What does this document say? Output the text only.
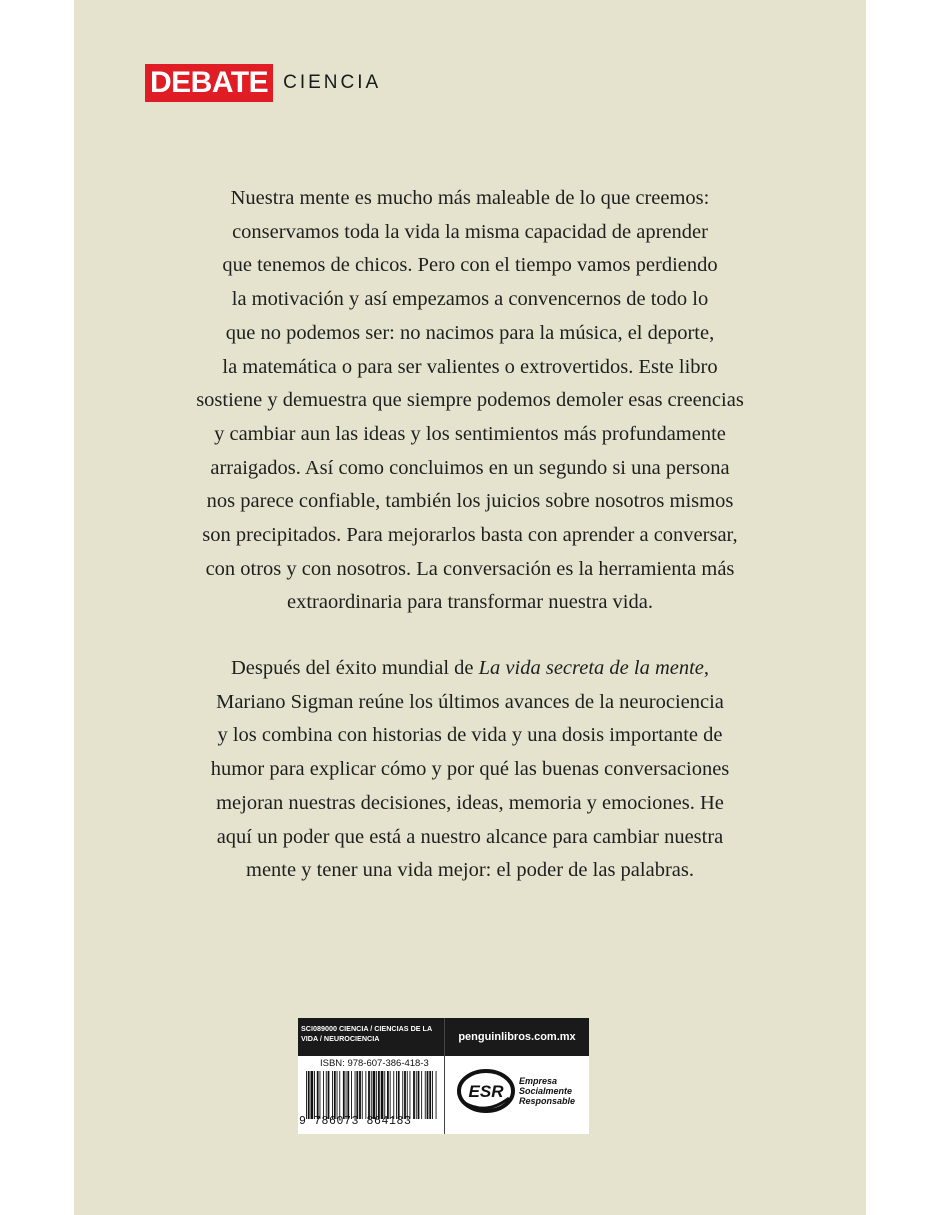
DEBATE CIENCIA
Nuestra mente es mucho más maleable de lo que creemos:
conservamos toda la vida la misma capacidad de aprender
que tenemos de chicos. Pero con el tiempo vamos perdiendo
la motivación y así empezamos a convencernos de todo lo
que no podemos ser: no nacimos para la música, el deporte,
la matemática o para ser valientes o extrovertidos. Este libro
sostiene y demuestra que siempre podemos demoler esas creencias
y cambiar aun las ideas y los sentimientos más profundamente
arraigados. Así como concluimos en un segundo si una persona
nos parece confiable, también los juicios sobre nosotros mismos
son precipitados. Para mejorarlos basta con aprender a conversar,
con otros y con nosotros. La conversación es la herramienta más
extraordinaria para transformar nuestra vida.
Después del éxito mundial de La vida secreta de la mente,
Mariano Sigman reúne los últimos avances de la neurociencia
y los combina con historias de vida y una dosis importante de
humor para explicar cómo y por qué las buenas conversaciones
mejoran nuestras decisiones, ideas, memoria y emociones. He
aquí un poder que está a nuestro alcance para cambiar nuestra
mente y tener una vida mejor: el poder de las palabras.
SCI089000 CIENCIA / CIENCIAS DE LA VIDA / NEUROCIENCIA
ISBN: 978-607-386-418-3
9 786073 864183
penguinlibros.com.mx
ESR
Empresa
Socialmente
Responsable
